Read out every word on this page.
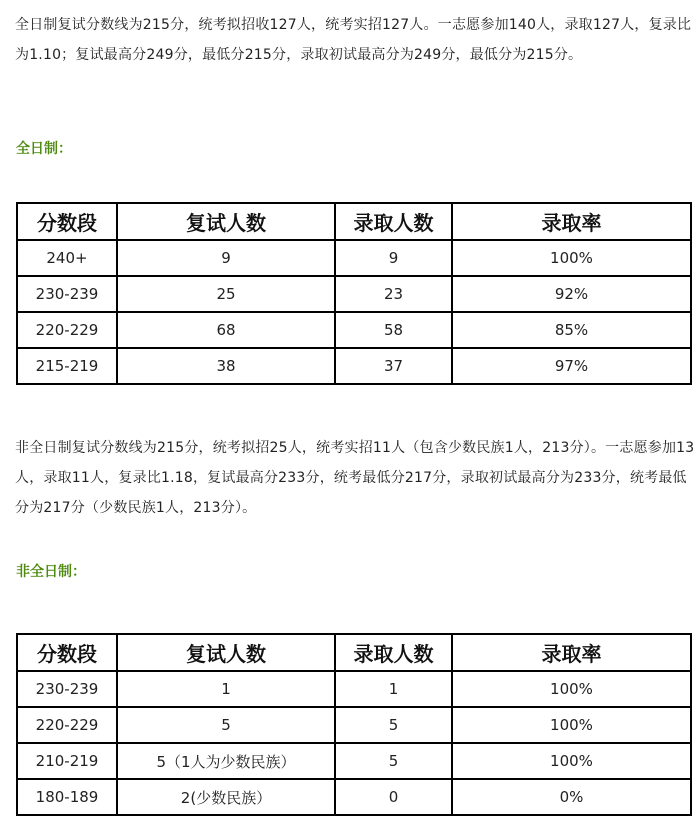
全日制复试分数线为215分，统考拟招收127人，统考实招127人。一志愿参加140人，录取127人，复录比为1.10；复试最高分249分，最低分215分，录取初试最高分为249分，最低分为215分。

全日制：

分数段	复试人数	录取人数	录取率
240+	9	9	100%
230-239	25	23	92%
220-229	68	58	85%
215-219	38	37	97%

非全日制复试分数线为215分，统考拟招25人，统考实招11人（包含少数民族1人，213分）。一志愿参加13人，录取11人，复录比1.18，复试最高分233分，统考最低分217分，录取初试最高分为233分，统考最低分为217分（少数民族1人，213分）。

非全日制：

分数段	复试人数	录取人数	录取率
230-239	1	1	100%
220-229	5	5	100%
210-219	5（1人为少数民族）	5	100%
180-189	2(少数民族）	0	0%
